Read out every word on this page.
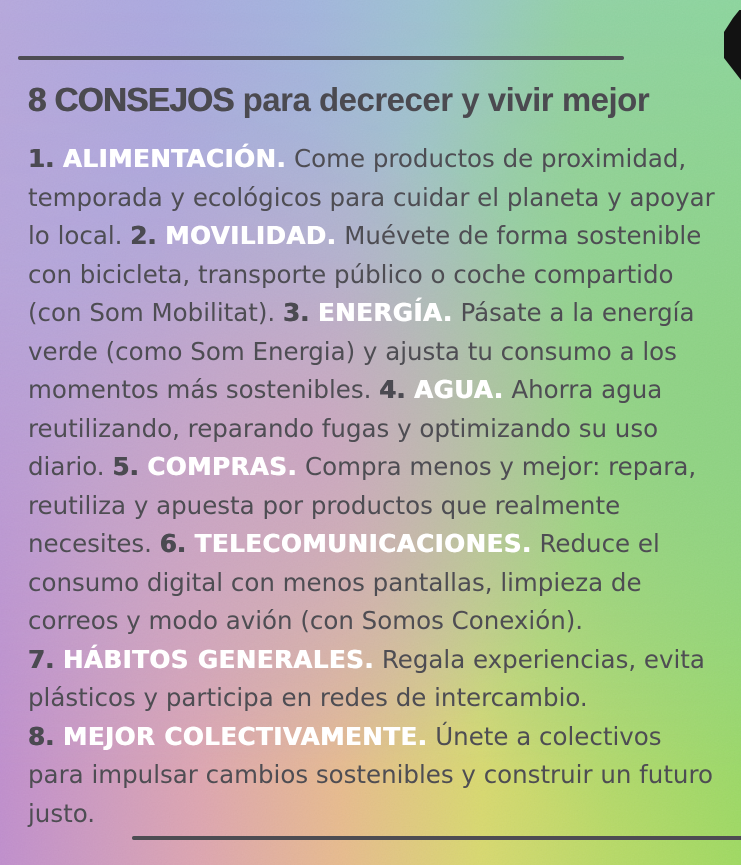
8 CONSEJOS para decrecer y vivir mejor

1. ALIMENTACIÓN. Come productos de proximidad, temporada y ecológicos para cuidar el planeta y apoyar lo local. 2. MOVILIDAD. Muévete de forma sostenible con bicicleta, transporte público o coche compartido (con Som Mobilitat). 3. ENERGÍA. Pásate a la energía verde (como Som Energia) y ajusta tu consumo a los momentos más sostenibles. 4. AGUA. Ahorra agua reutilizando, reparando fugas y optimizando su uso diario. 5. COMPRAS. Compra menos y mejor: repara, reutiliza y apuesta por productos que realmente necesites. 6. TELECOMUNICACIONES. Reduce el consumo digital con menos pantallas, limpieza de correos y modo avión (con Somos Conexión). 7. HÁBITOS GENERALES. Regala experiencias, evita plásticos y participa en redes de intercambio. 8. MEJOR COLECTIVAMENTE. Únete a colectivos para impulsar cambios sostenibles y construir un futuro justo.
